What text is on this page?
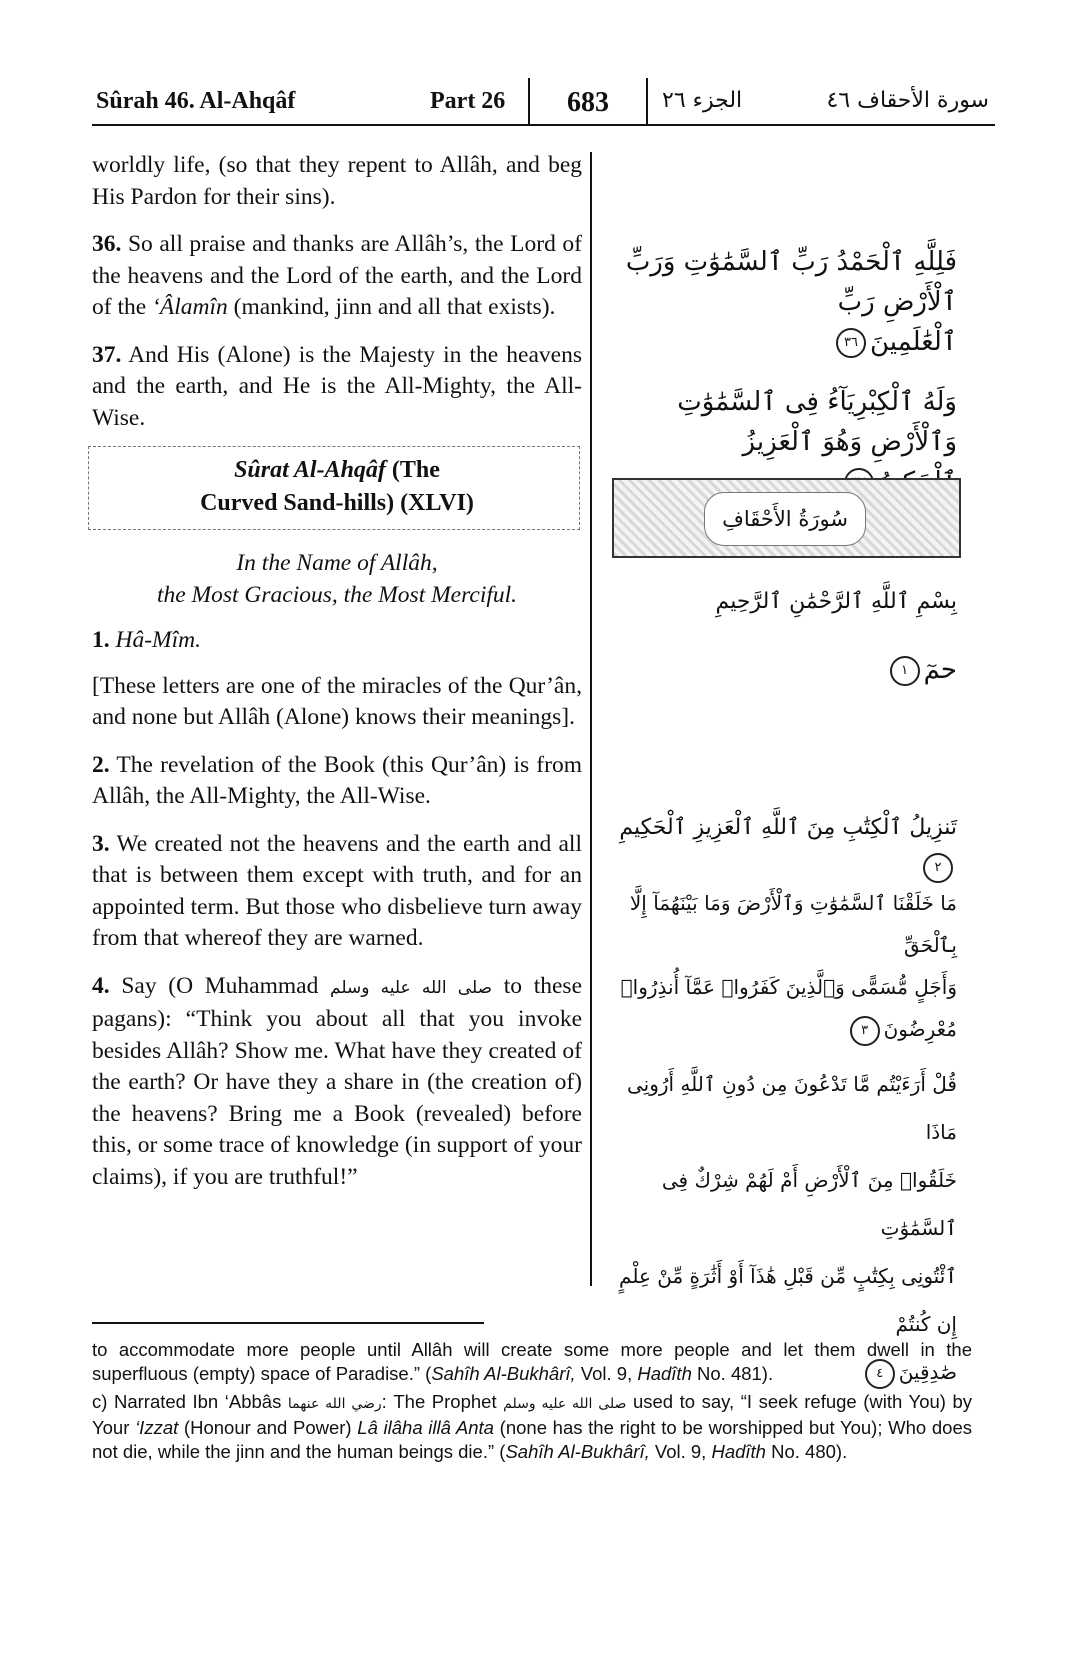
Sûrah 46. Al-Ahqâf	Part 26	683	الجزء ٢٦	سورة الأحقاف ٤٦

worldly life, (so that they repent to Allâh, and beg His Pardon for their sins).

36. So all praise and thanks are Allâh’s, the Lord of the heavens and the Lord of the earth, and the Lord of the ‘Âlamîn (mankind, jinn and all that exists).

37. And His (Alone) is the Majesty in the heavens and the earth, and He is the All-Mighty, the All-Wise.

Sûrat Al-Ahqâf (The
Curved Sand-hills) (XLVI)
In the Name of Allâh,
the Most Gracious, the Most Merciful.

1. Hâ-Mîm.

[These letters are one of the miracles of the Qur’ân, and none but Allâh (Alone) knows their meanings].

2. The revelation of the Book (this Qur’ân) is from Allâh, the All-Mighty, the All-Wise.

3. We created not the heavens and the earth and all that is between them except with truth, and for an appointed term. But those who disbelieve turn away from that whereof they are warned.

4. Say (O Muhammad صلى الله عليه وسلم to these pagans): “Think you about all that you invoke besides Allâh? Show me. What have they created of the earth? Or have they a share in (the creation of) the heavens? Bring me a Book (revealed) before this, or some trace of knowledge (in support of your claims), if you are truthful!”

فَلِلَّهِ ٱلْحَمْدُ رَبِّ ٱلسَّمَٰوَٰتِ وَرَبِّ ٱلْأَرْضِ رَبِّ
ٱلْعَٰلَمِينَ٣٦
وَلَهُ ٱلْكِبْرِيَآءُ فِى ٱلسَّمَٰوَٰتِ وَٱلْأَرْضِ وَهُوَ ٱلْعَزِيزُ
سُورَةُ الأَحْقَافِ
بِسْمِ ٱللَّهِ ٱلرَّحْمَٰنِ ٱلرَّحِيمِ
حمٓ١
تَنزِيلُ ٱلْكِتَٰبِ مِنَ ٱللَّهِ ٱلْعَزِيزِ ٱلْحَكِيمِ٢
مَا خَلَقْنَا ٱلسَّمَٰوَٰتِ وَٱلْأَرْضَ وَمَا بَيْنَهُمَآ إِلَّا بِٱلْحَقِّ
وَأَجَلٍ مُّسَمًّى وَٱلَّذِينَ كَفَرُوا۟ عَمَّآ أُنذِرُوا۟ مُعْرِضُونَ٣
قُلْ أَرَءَيْتُم مَّا تَدْعُونَ مِن دُونِ ٱللَّهِ أَرُونِى مَاذَا
خَلَقُوا۟ مِنَ ٱلْأَرْضِ أَمْ لَهُمْ شِرْكٌ فِى ٱلسَّمَٰوَٰتِ
ٱئْتُونِى بِكِتَٰبٍ مِّن قَبْلِ هَٰذَآ أَوْ أَثَٰرَةٍ مِّنْ عِلْمٍ إِن كُنتُمْ
صَٰدِقِينَ٤

to accommodate more people until Allâh will create some more people and let them dwell in the superfluous (empty) space of Paradise.” (Sahîh Al-Bukhârî, Vol. 9, Hadîth No. 481).

c) Narrated Ibn ‘Abbâs رضي الله عنهما: The Prophet صلى الله عليه وسلم used to say, “I seek refuge (with You) by Your ‘Izzat (Honour and Power) Lâ ilâha illâ Anta (none has the right to be worshipped but You); Who does not die, while the jinn and the human beings die.” (Sahîh Al-Bukhârî, Vol. 9, Hadîth No. 480).
